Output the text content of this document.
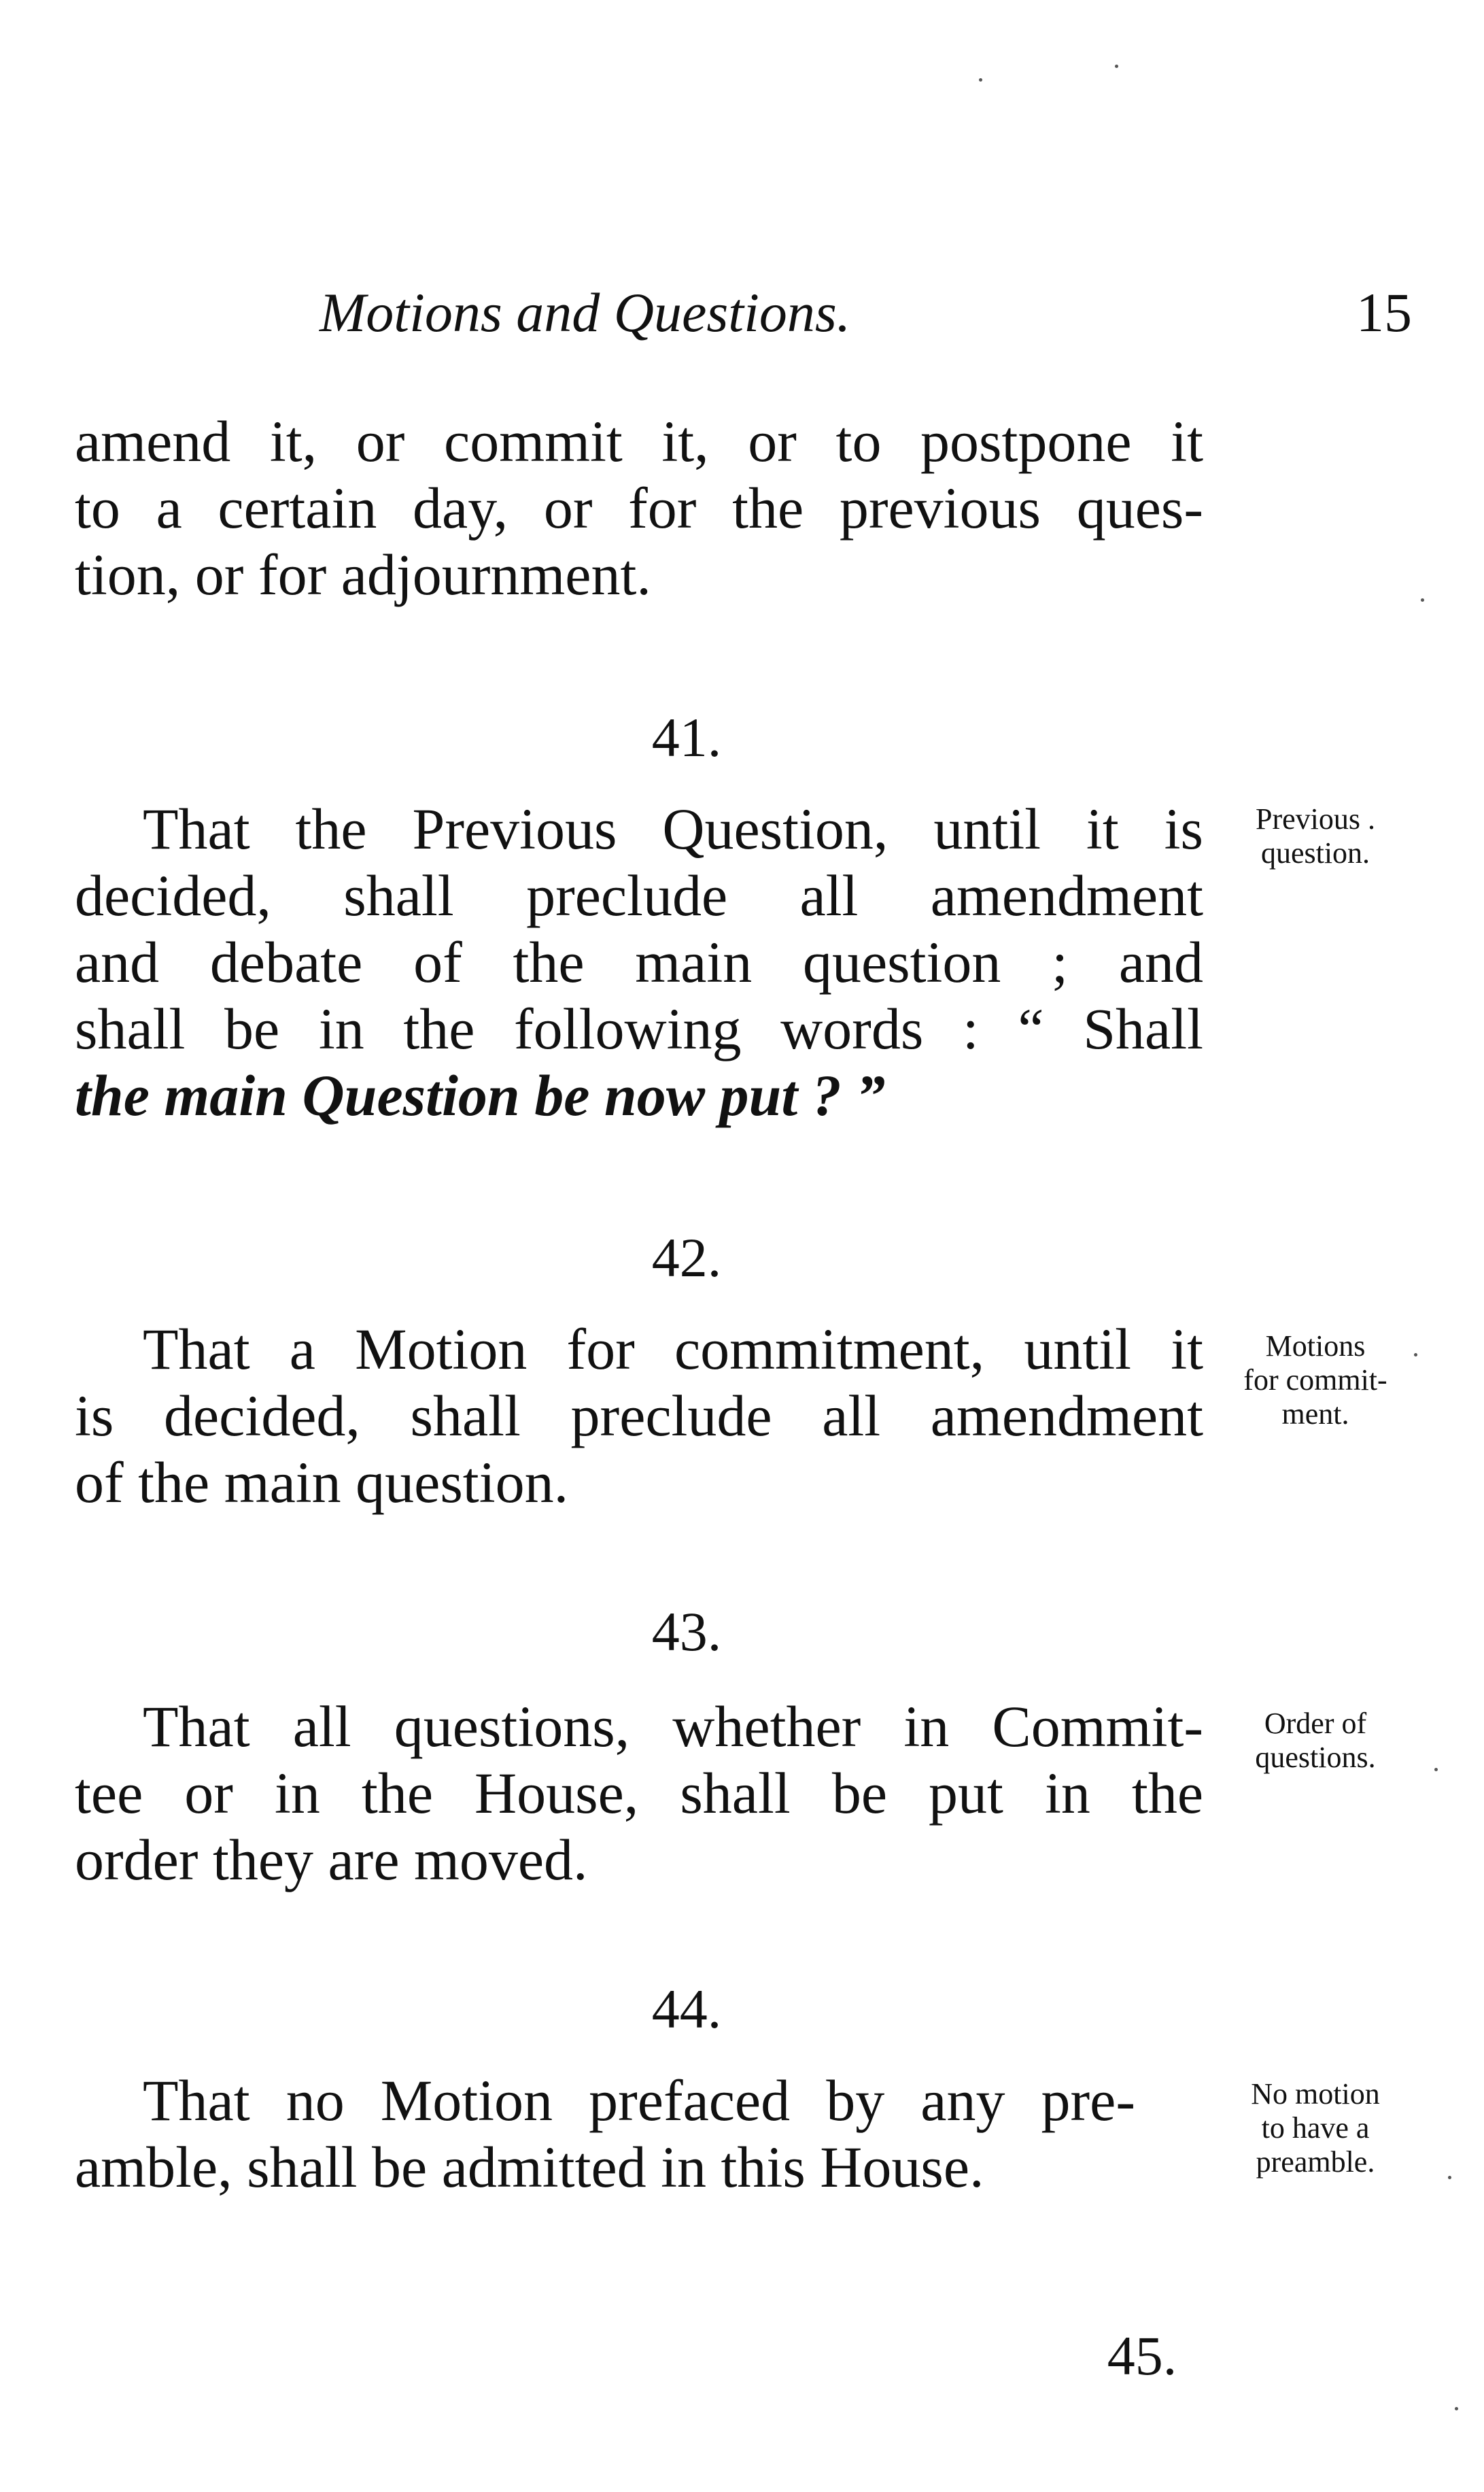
Motions and Questions.	15
amend it, or commit it, or to postpone it
to a certain day, or for the previous ques-
tion, or for adjournment.
41.
That the Previous Question, until it is
decided, shall preclude all amendment
and debate of the main question ; and
shall be in the following words : “ Shall
the main Question be now put ? ”
Previous .
question.
42.
That a Motion for commitment, until it
is decided, shall preclude all amendment
of the main question.
Motions
for commit-
ment.
43.
That all questions, whether in Commit-
tee or in the House, shall be put in the
order they are moved.
Order of
questions.
44.
That no Motion prefaced by any pre-
amble, shall be admitted in this House.
No motion
to have a
preamble.
45.
